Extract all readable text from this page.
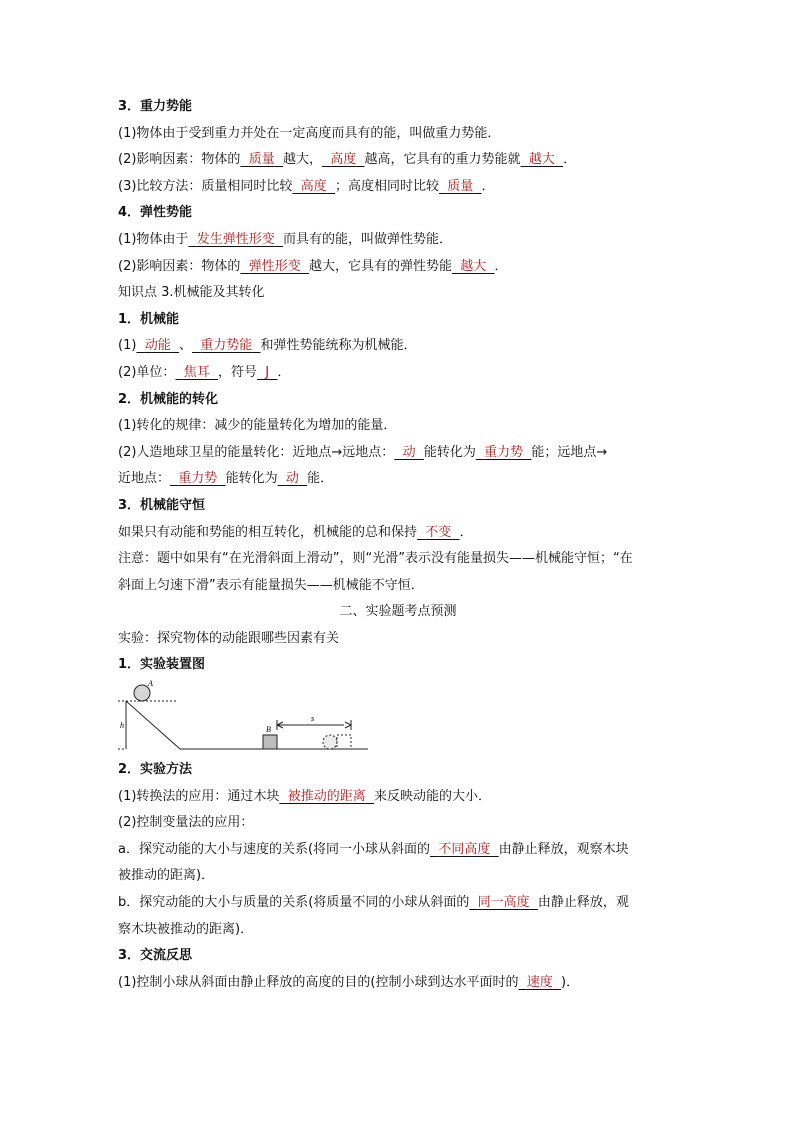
3．重力势能
(1)物体由于受到重力并处在一定高度而具有的能，叫做重力势能．
(2)影响因素：物体的 质量 越大， 高度 越高，它具有的重力势能就 越大 ．
(3)比较方法：质量相同时比较 高度 ；高度相同时比较 质量 ．
4．弹性势能
(1)物体由于 发生弹性形变 而具有的能，叫做弹性势能．
(2)影响因素：物体的 弹性形变 越大，它具有的弹性势能 越大 ．
知识点 3.机械能及其转化
1．机械能
(1) 动能 、 重力势能 和弹性势能统称为机械能．
(2)单位： 焦耳 ，符号 J ．
2．机械能的转化
(1)转化的规律：减少的能量转化为增加的能量．
(2)人造地球卫星的能量转化：近地点→远地点： 动 能转化为 重力势 能；远地点→
近地点： 重力势 能转化为 动 能．
3．机械能守恒
如果只有动能和势能的相互转化，机械能的总和保持 不变 ．
注意：题中如果有“在光滑斜面上滑动”，则“光滑”表示没有能量损失——机械能守恒；“在
斜面上匀速下滑”表示有能量损失——机械能不守恒．
二、实验题考点预测
实验：探究物体的动能跟哪些因素有关
1．实验装置图
A
B
h
s
2．实验方法
(1)转换法的应用：通过木块 被推动的距离 来反映动能的大小．
(2)控制变量法的应用：
a．探究动能的大小与速度的关系(将同一小球从斜面的 不同高度 由静止释放，观察木块
被推动的距离)．
b．探究动能的大小与质量的关系(将质量不同的小球从斜面的 同一高度 由静止释放，观
察木块被推动的距离)．
3．交流反思
(1)控制小球从斜面由静止释放的高度的目的(控制小球到达水平面时的 速度 )．
